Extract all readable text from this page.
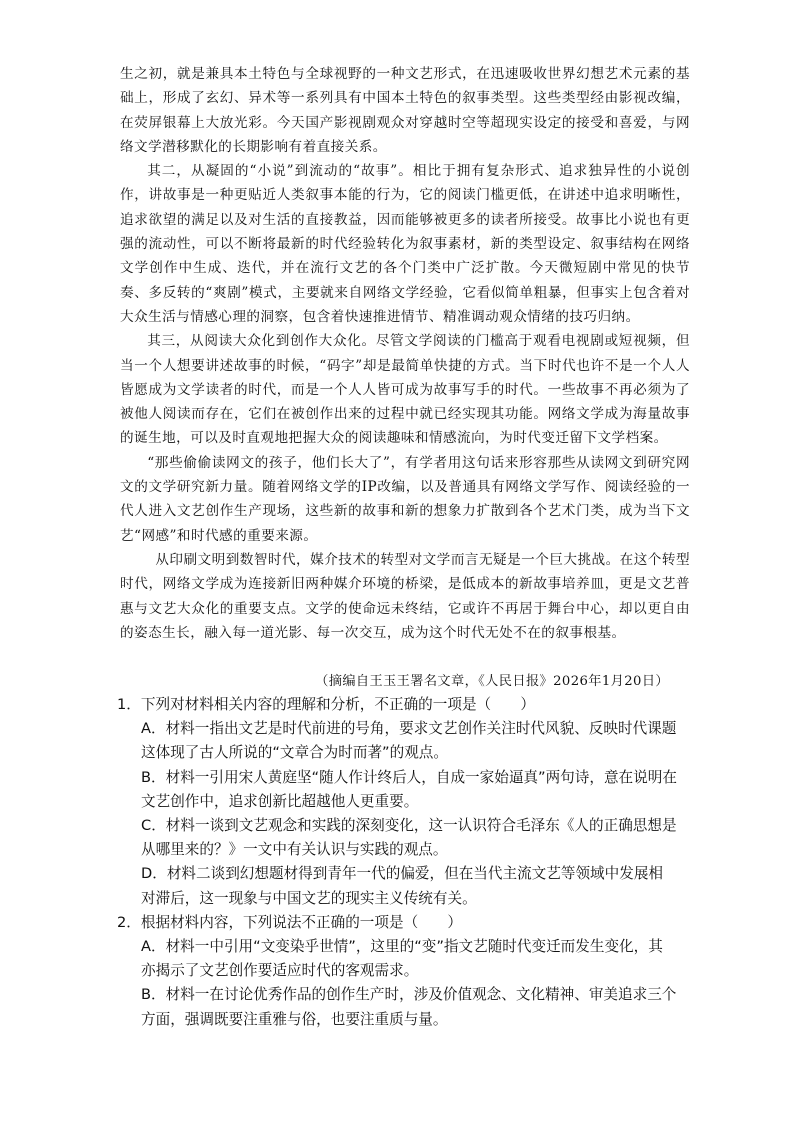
生之初，就是兼具本土特色与全球视野的一种文艺形式，在迅速吸收世界幻想艺术元素的基础上，形成了玄幻、异术等一系列具有中国本土特色的叙事类型。这些类型经由影视改编，在荧屏银幕上大放光彩。今天国产影视剧观众对穿越时空等超现实设定的接受和喜爱，与网络文学潜移默化的长期影响有着直接关系。

其二，从凝固的“小说”到流动的“故事”。相比于拥有复杂形式、追求独异性的小说创作，讲故事是一种更贴近人类叙事本能的行为，它的阅读门槛更低，在讲述中追求明晰性，追求欲望的满足以及对生活的直接教益，因而能够被更多的读者所接受。故事比小说也有更强的流动性，可以不断将最新的时代经验转化为叙事素材，新的类型设定、叙事结构在网络文学创作中生成、迭代，并在流行文艺的各个门类中广泛扩散。今天微短剧中常见的快节奏、多反转的“爽剧”模式，主要就来自网络文学经验，它看似简单粗暴，但事实上包含着对大众生活与情感心理的洞察，包含着快速推进情节、精准调动观众情绪的技巧归纳。

其三，从阅读大众化到创作大众化。尽管文学阅读的门槛高于观看电视剧或短视频，但当一个人想要讲述故事的时候，“码字”却是最简单快捷的方式。当下时代也许不是一个人人皆愿成为文学读者的时代，而是一个人人皆可成为故事写手的时代。一些故事不再必须为了被他人阅读而存在，它们在被创作出来的过程中就已经实现其功能。网络文学成为海量故事的诞生地，可以及时直观地把握大众的阅读趣味和情感流向，为时代变迁留下文学档案。

“那些偷偷读网文的孩子，他们长大了”，有学者用这句话来形容那些从读网文到研究网文的文学研究新力量。随着网络文学的IP改编，以及普通具有网络文学写作、阅读经验的一代人进入文艺创作生产现场，这些新的故事和新的想象力扩散到各个艺术门类，成为当下文艺“网感”和时代感的重要来源。

从印刷文明到数智时代，媒介技术的转型对文学而言无疑是一个巨大挑战。在这个转型时代，网络文学成为连接新旧两种媒介环境的桥梁，是低成本的新故事培养皿，更是文艺普惠与文艺大众化的重要支点。文学的使命远未终结，它或许不再居于舞台中心，却以更自由的姿态生长，融入每一道光影、每一次交互，成为这个时代无处不在的叙事根基。

（摘编自王玉王署名文章，《人民日报》2026年1月20日）

1．下列对材料相关内容的理解和分析，不正确的一项是（　　）

A．材料一指出文艺是时代前进的号角，要求文艺创作关注时代风貌、反映时代课题这体现了古人所说的“文章合为时而著”的观点。

B．材料一引用宋人黄庭坚“随人作计终后人，自成一家始逼真”两句诗，意在说明在文艺创作中，追求创新比超越他人更重要。

C．材料一谈到文艺观念和实践的深刻变化，这一认识符合毛泽东《人的正确思想是从哪里来的？》一文中有关认识与实践的观点。

D．材料二谈到幻想题材得到青年一代的偏爱，但在当代主流文艺等领域中发展相对滞后，这一现象与中国文艺的现实主义传统有关。

2．根据材料内容，下列说法不正确的一项是（　　）

A．材料一中引用“文变染乎世情”，这里的“变”指文艺随时代变迁而发生变化，其亦揭示了文艺创作要适应时代的客观需求。

B．材料一在讨论优秀作品的创作生产时，涉及价值观念、文化精神、审美追求三个方面，强调既要注重雅与俗，也要注重质与量。
